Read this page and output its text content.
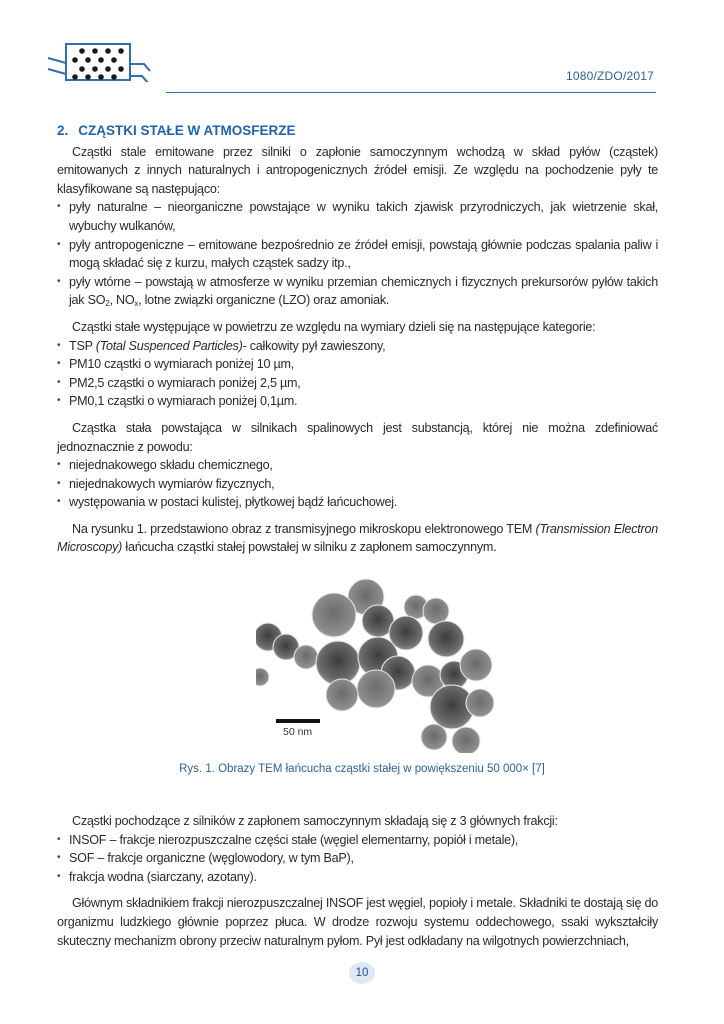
1080/ZDO/2017
2. CZĄSTKI STAŁE W ATMOSFERZE

Cząstki stale emitowane przez silniki o zapłonie samoczynnym wchodzą w skład pyłów (cząstek) emitowanych z innych naturalnych i antropogenicznych źródeł emisji. Ze względu na pochodzenie pyły te klasyfikowane są następująco:

• pyły naturalne – nieorganiczne powstające w wyniku takich zjawisk przyrodniczych, jak wietrzenie skał, wybuchy wulkanów,
• pyły antropogeniczne – emitowane bezpośrednio ze źródeł emisji, powstają głównie podczas spalania paliw i mogą składać się z kurzu, małych cząstek sadzy itp.,
• pyły wtórne – powstają w atmosferze w wyniku przemian chemicznych i fizycznych prekursorów pyłów takich jak $SO_2$, $NO_x$, lotne związki organiczne (LZO) oraz amoniak.

Cząstki stałe występujące w powietrzu ze względu na wymiary dzieli się na następujące kategorie:

• TSP (Total Suspenced Particles)- całkowity pył zawieszony,
• PM10 cząstki o wymiarach poniżej 10 µm,
• PM2,5 cząstki o wymiarach poniżej 2,5 µm,
• PM0,1 cząstki o wymiarach poniżej 0,1µm.

Cząstka stała powstająca w silnikach spalinowych jest substancją, której nie można zdefiniować jednoznacznie z powodu:

• niejednakowego składu chemicznego,
• niejednakowych wymiarów fizycznych,
• występowania w postaci kulistej, płytkowej bądź łańcuchowej.

Na rysunku 1. przedstawiono obraz z transmisyjnego mikroskopu elektronowego TEM (Transmission Electron Microscopy) łańcucha cząstki stałej powstałej w silniku z zapłonem samoczynnym.

50 nm
Rys. 1. Obrazy TEM łańcucha cząstki stałej w powiększeniu 50 000× [7]

Cząstki pochodzące z silników z zapłonem samoczynnym składają się z 3 głównych frakcji:

• INSOF – frakcje nierozpuszczalne części stałe (węgiel elementarny, popiół i metale),
• SOF – frakcje organiczne (węglowodory, w tym BaP),
• frakcja wodna (siarczany, azotany).

Głównym składnikiem frakcji nierozpuszczalnej INSOF jest węgiel, popioły i metale. Składniki te dostają się do organizmu ludzkiego głównie poprzez płuca. W drodze rozwoju systemu oddechowego, ssaki wykształciły skuteczny mechanizm obrony przeciw naturalnym pyłom. Pył jest odkładany na wilgotnych powierzchniach,

10
